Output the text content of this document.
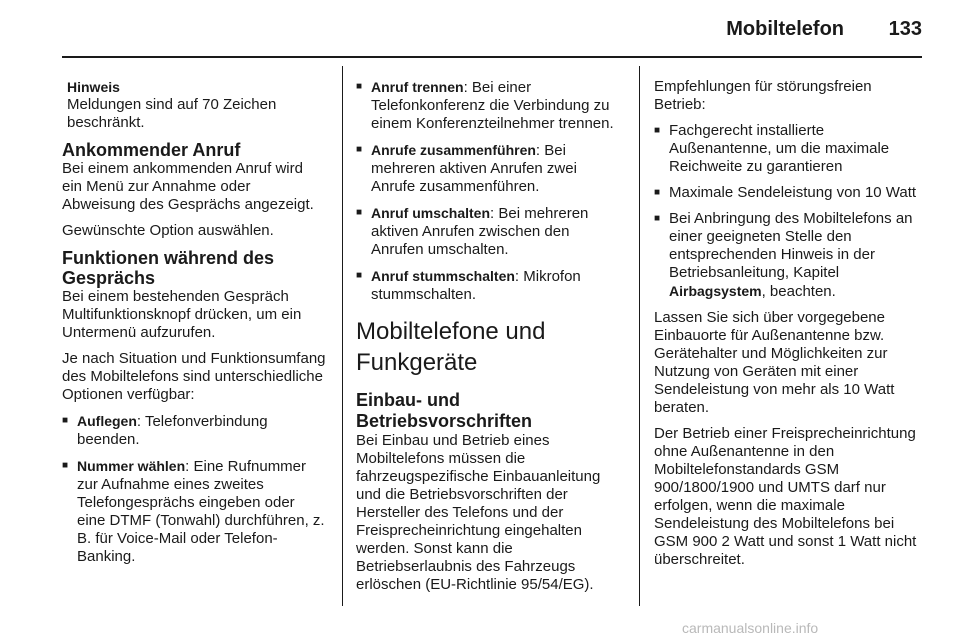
Mobiltelefon 133
Hinweis
Meldungen sind auf 70 Zeichen beschränkt.
Ankommender Anruf

Bei einem ankommenden Anruf wird ein Menü zur Annahme oder Abweisung des Gesprächs angezeigt.

Gewünschte Option auswählen.

Funktionen während des Gesprächs

Bei einem bestehenden Gespräch Multifunktionsknopf drücken, um ein Untermenü aufzurufen.

Je nach Situation und Funktionsumfang des Mobiltelefons sind unterschiedliche Optionen verfügbar:

■ Auflegen: Telefonverbindung beenden.
■ Nummer wählen: Eine Rufnummer zur Aufnahme eines zweites Telefongesprächs eingeben oder eine DTMF (Tonwahl) durchführen, z. B. für Voice-Mail oder Telefon-Banking.
■ Anruf trennen: Bei einer Telefonkonferenz die Verbindung zu einem Konferenzteilnehmer trennen.
■ Anrufe zusammenführen: Bei mehreren aktiven Anrufen zwei Anrufe zusammenführen.
■ Anruf umschalten: Bei mehreren aktiven Anrufen zwischen den Anrufen umschalten.
■ Anruf stummschalten: Mikrofon stummschalten.
Mobiltelefone und Funkgeräte
Einbau- und Betriebsvorschriften

Bei Einbau und Betrieb eines Mobiltelefons müssen die fahrzeugspezifische Einbauanleitung und die Betriebsvorschriften der Hersteller des Telefons und der Freisprecheinrichtung eingehalten werden. Sonst kann die Betriebserlaubnis des Fahrzeugs erlöschen (EU-Richtlinie 95/54/EG).

Empfehlungen für störungsfreien Betrieb:

■ Fachgerecht installierte Außenantenne, um die maximale Reichweite zu garantieren
■ Maximale Sendeleistung von 10 Watt
■ Bei Anbringung des Mobiltelefons an einer geeigneten Stelle den entsprechenden Hinweis in der Betriebsanleitung, Kapitel Airbagsystem, beachten.

Lassen Sie sich über vorgegebene Einbauorte für Außenantenne bzw. Gerätehalter und Möglichkeiten zur Nutzung von Geräten mit einer Sendeleistung von mehr als 10 Watt beraten.

Der Betrieb einer Freisprecheinrichtung ohne Außenantenne in den Mobiltelefonstandards GSM 900/1800/1900 und UMTS darf nur erfolgen, wenn die maximale Sendeleistung des Mobiltelefons bei GSM 900 2 Watt und sonst 1 Watt nicht überschreitet.

carmanualsonline.info
